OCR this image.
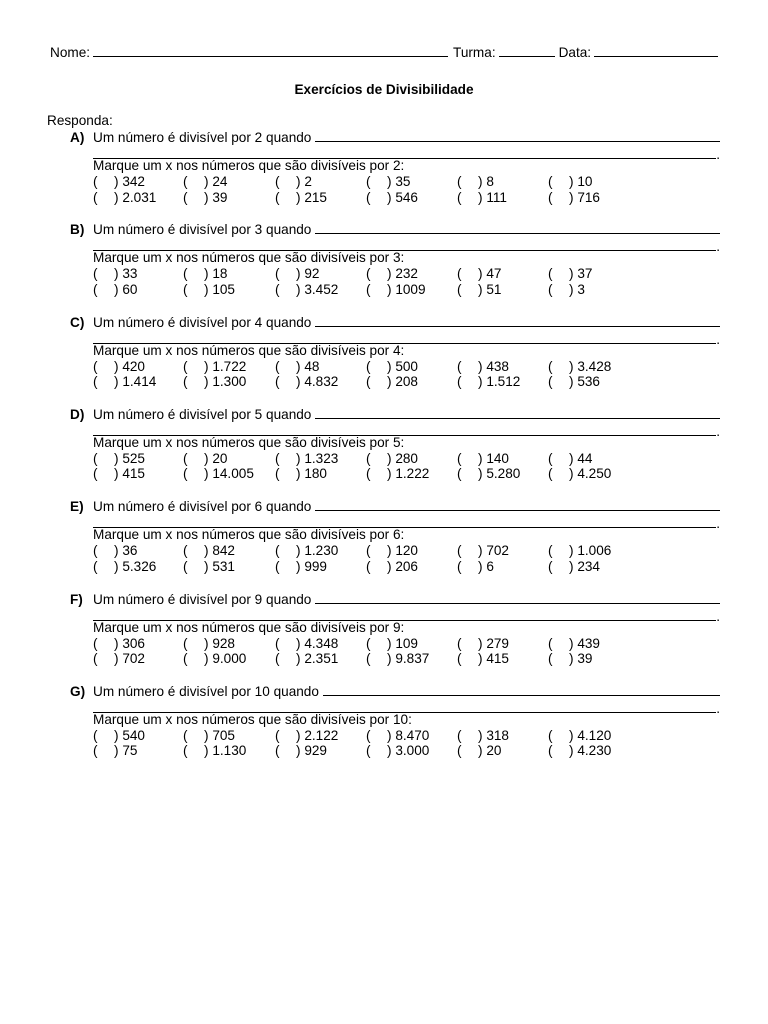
Nome:	Turma:	Data:
Exercícios de Divisibilidade
Responda:
A) Um número é divisível por 2 quando
.
Marque um x nos números que são divisíveis por 2:
( ) 342	( ) 24	( ) 2	( ) 35	( ) 8	( ) 10
( ) 2.031 ( ) 39	( ) 215	( ) 546	( ) 111	( ) 716
B) Um número é divisível por 3 quando
.
Marque um x nos números que são divisíveis por 3:
( ) 33	( ) 18	( ) 92	( ) 232	( ) 47	( ) 37
( ) 60	( ) 105	( ) 3.452 ( ) 1009 ( ) 51	( ) 3
C) Um número é divisível por 4 quando
.
Marque um x nos números que são divisíveis por 4:
( ) 420	( ) 1.722 ( ) 48	( ) 500	( ) 438	( ) 3.428
( ) 1.414 ( ) 1.300 ( ) 4.832 ( ) 208	( ) 1.512 ( ) 536
D) Um número é divisível por 5 quando
.
Marque um x nos números que são divisíveis por 5:
( ) 525	( ) 20	( ) 1.323 ( ) 280	( ) 140	( ) 44
( ) 415	( ) 14.005 ( ) 180	( ) 1.222 ( ) 5.280 ( ) 4.250
E) Um número é divisível por 6 quando
.
Marque um x nos números que são divisíveis por 6:
( ) 36	( ) 842	( ) 1.230 ( ) 120	( ) 702	( ) 1.006
( ) 5.326 ( ) 531	( ) 999	( ) 206	( ) 6	( ) 234
F) Um número é divisível por 9 quando
.
Marque um x nos números que são divisíveis por 9:
( ) 306	( ) 928	( ) 4.348 ( ) 109	( ) 279	( ) 439
( ) 702	( ) 9.000 ( ) 2.351 ( ) 9.837 ( ) 415	( ) 39
G) Um número é divisível por 10 quando
.
Marque um x nos números que são divisíveis por 10:
( ) 540	( ) 705	( ) 2.122 ( ) 8.470 ( ) 318	( ) 4.120
( ) 75	( ) 1.130 ( ) 929	( ) 3.000 ( ) 20	( ) 4.230
